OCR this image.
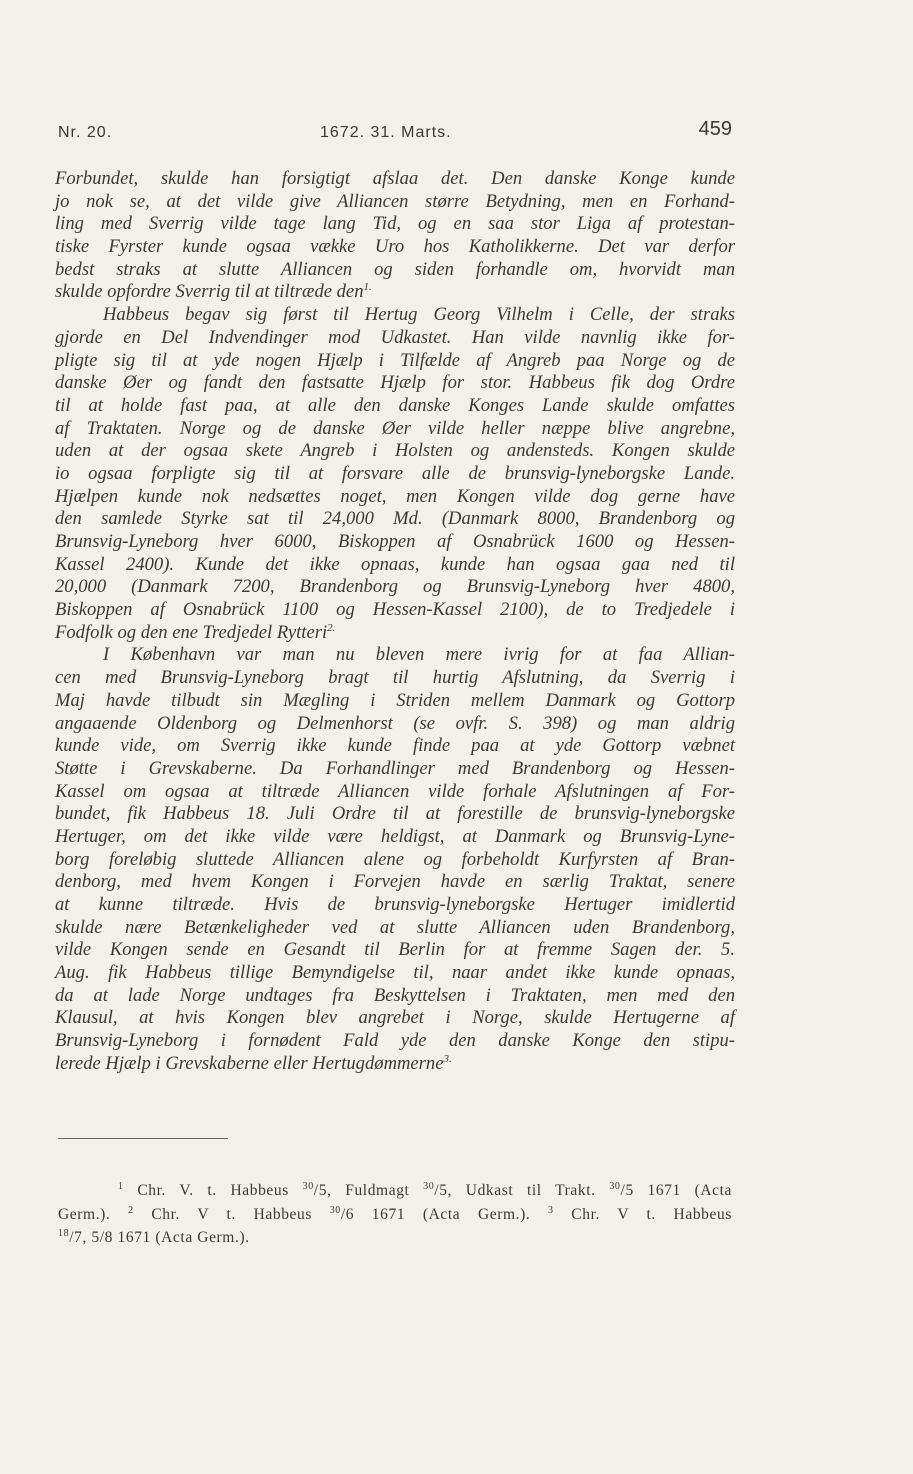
Nr. 20.	1672. 31. Marts.	459
Forbundet, skulde han forsigtigt afslaa det. Den danske Konge kunde
jo nok se, at det vilde give Alliancen større Betydning, men en Forhand-
ling med Sverrig vilde tage lang Tid, og en saa stor Liga af protestan-
tiske Fyrster kunde ogsaa vække Uro hos Katholikkerne. Det var derfor
bedst straks at slutte Alliancen og siden forhandle om, hvorvidt man
skulde opfordre Sverrig til at tiltræde den$^{1.}$
Habbeus begav sig først til Hertug Georg Vilhelm i Celle, der straks
gjorde en Del Indvendinger mod Udkastet. Han vilde navnlig ikke for-
pligte sig til at yde nogen Hjælp i Tilfælde af Angreb paa Norge og de
danske Øer og fandt den fastsatte Hjælp for stor. Habbeus fik dog Ordre
til at holde fast paa, at alle den danske Konges Lande skulde omfattes
af Traktaten. Norge og de danske Øer vilde heller næppe blive angrebne,
uden at der ogsaa skete Angreb i Holsten og andensteds. Kongen skulde
io ogsaa forpligte sig til at forsvare alle de brunsvig-lyneborgske Lande.
Hjælpen kunde nok nedsættes noget, men Kongen vilde dog gerne have
den samlede Styrke sat til 24,000 Md. (Danmark 8000, Brandenborg og
Brunsvig-Lyneborg hver 6000, Biskoppen af Osnabrück 1600 og Hessen-
Kassel 2400). Kunde det ikke opnaas, kunde han ogsaa gaa ned til
20,000 (Danmark 7200, Brandenborg og Brunsvig-Lyneborg hver 4800,
Biskoppen af Osnabrück 1100 og Hessen-Kassel 2100), de to Tredjedele i
Fodfolk og den ene Tredjedel Rytteri$^{2.}$
I København var man nu bleven mere ivrig for at faa Allian-
cen med Brunsvig-Lyneborg bragt til hurtig Afslutning, da Sverrig i
Maj havde tilbudt sin Mægling i Striden mellem Danmark og Gottorp
angaaende Oldenborg og Delmenhorst (se ovfr. S. 398) og man aldrig
kunde vide, om Sverrig ikke kunde finde paa at yde Gottorp væbnet
Støtte i Grevskaberne. Da Forhandlinger med Brandenborg og Hessen-
Kassel om ogsaa at tiltræde Alliancen vilde forhale Afslutningen af For-
bundet, fik Habbeus 18. Juli Ordre til at forestille de brunsvig-lyneborgske
Hertuger, om det ikke vilde være heldigst, at Danmark og Brunsvig-Lyne-
borg foreløbig sluttede Alliancen alene og forbeholdt Kurfyrsten af Bran-
denborg, med hvem Kongen i Forvejen havde en særlig Traktat, senere
at kunne tiltræde. Hvis de brunsvig-lyneborgske Hertuger imidlertid
skulde nære Betænkeligheder ved at slutte Alliancen uden Brandenborg,
vilde Kongen sende en Gesandt til Berlin for at fremme Sagen der. 5.
Aug. fik Habbeus tillige Bemyndigelse til, naar andet ikke kunde opnaas,
da at lade Norge undtages fra Beskyttelsen i Traktaten, men med den
Klausul, at hvis Kongen blev angrebet i Norge, skulde Hertugerne af
Brunsvig-Lyneborg i fornødent Fald yde den danske Konge den stipu-
lerede Hjælp i Grevskaberne eller Hertugdømmerne$^{3.}$
$^1$ Chr. V. t. Habbeus $^{30}$/5, Fuldmagt $^{30}$/5, Udkast til Trakt. $^{30}$/5 1671 (Acta
Germ.). $^2$ Chr. V t. Habbeus $^{30}$/6 1671 (Acta Germ.). $^3$ Chr. V t. Habbeus
$^{18}$/7, 5/8 1671 (Acta Germ.).
